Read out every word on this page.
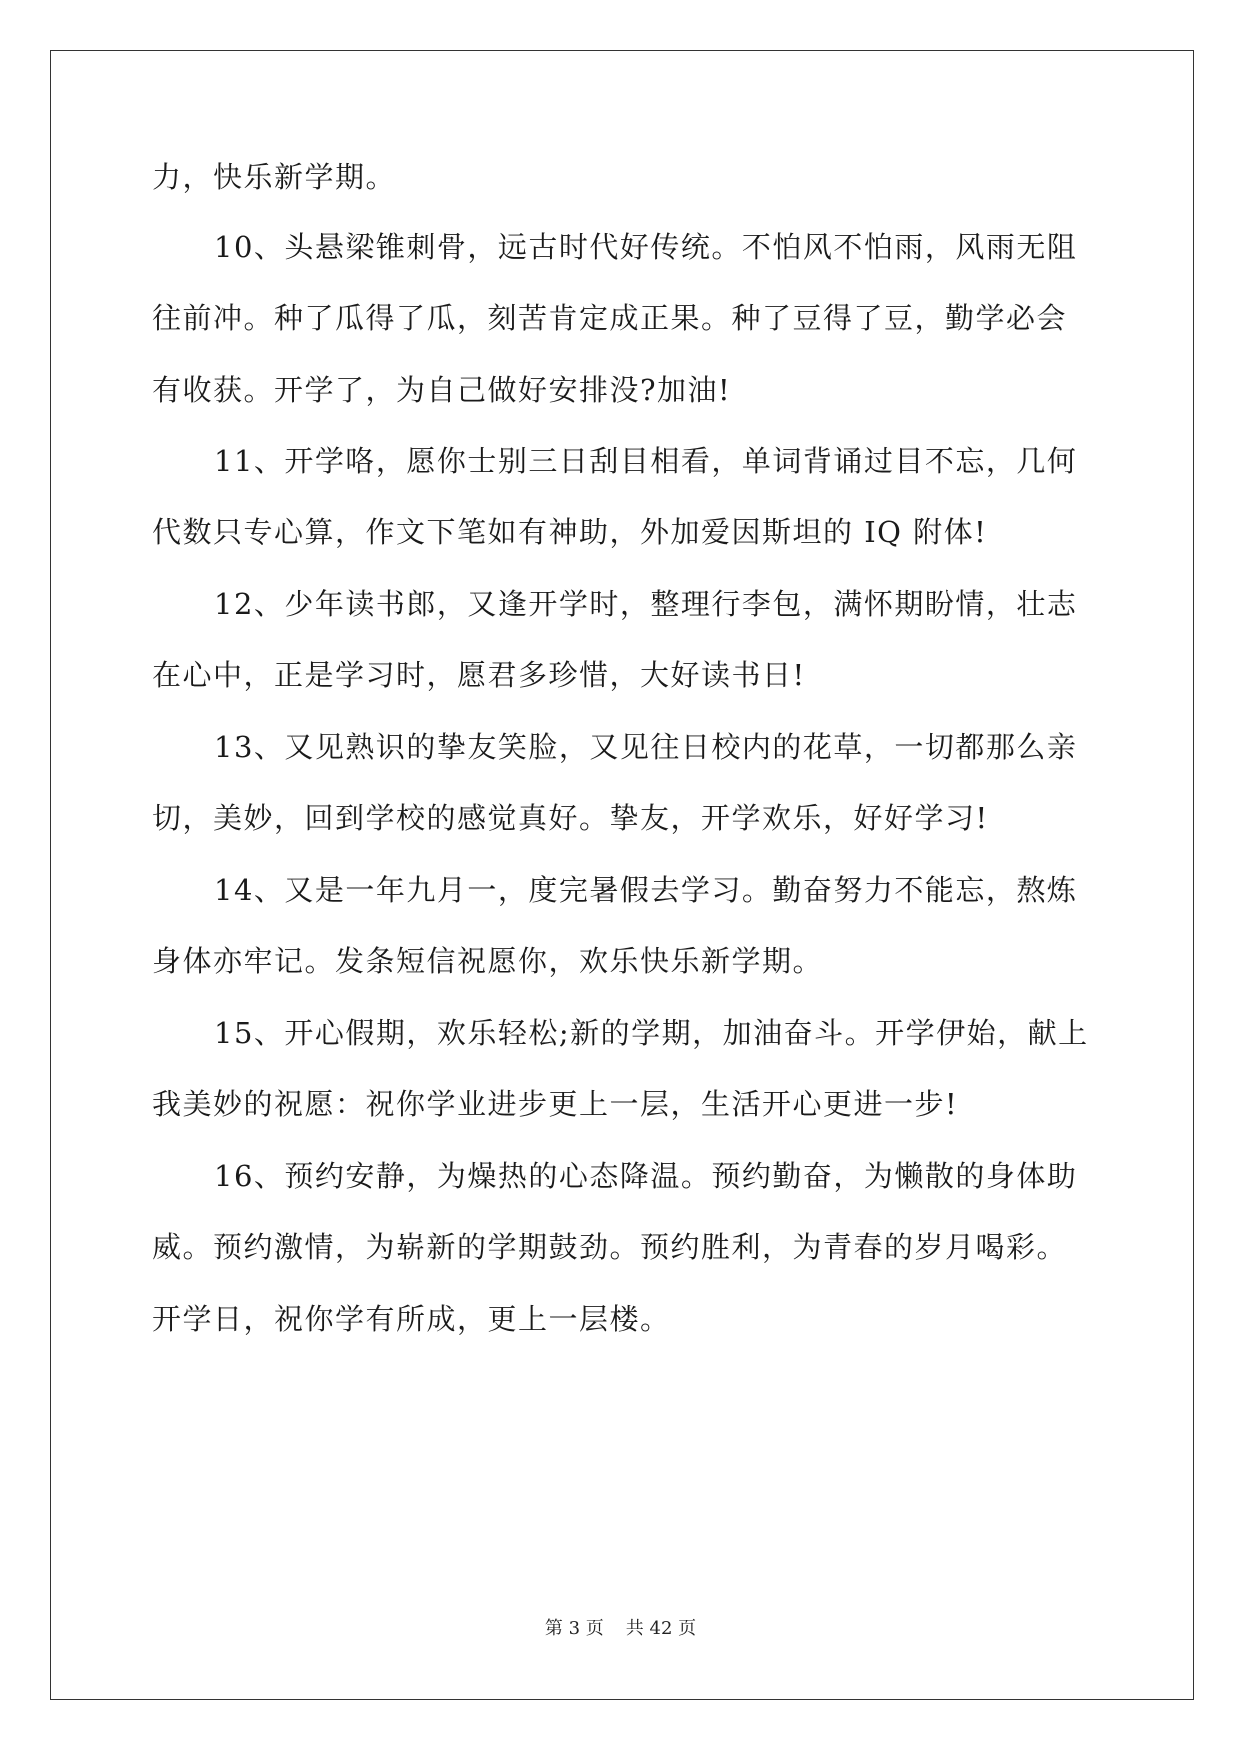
力，快乐新学期。
10、头悬梁锥刺骨，远古时代好传统。不怕风不怕雨，风雨无阻
往前冲。种了瓜得了瓜，刻苦肯定成正果。种了豆得了豆，勤学必会
有收获。开学了，为自己做好安排没?加油!
11、开学咯，愿你士别三日刮目相看，单词背诵过目不忘，几何
代数只专心算，作文下笔如有神助，外加爱因斯坦的 IQ 附体!
12、少年读书郎，又逢开学时，整理行李包，满怀期盼情，壮志
在心中，正是学习时，愿君多珍惜，大好读书日!
13、又见熟识的挚友笑脸，又见往日校内的花草，一切都那么亲
切，美妙，回到学校的感觉真好。挚友，开学欢乐，好好学习!
14、又是一年九月一，度完暑假去学习。勤奋努力不能忘，熬炼
身体亦牢记。发条短信祝愿你，欢乐快乐新学期。
15、开心假期，欢乐轻松;新的学期，加油奋斗。开学伊始，献上
我美妙的祝愿：祝你学业进步更上一层，生活开心更进一步!
16、预约安静，为燥热的心态降温。预约勤奋，为懒散的身体助
威。预约激情，为崭新的学期鼓劲。预约胜利，为青春的岁月喝彩。
开学日，祝你学有所成，更上一层楼。
第 3 页 共 42 页
